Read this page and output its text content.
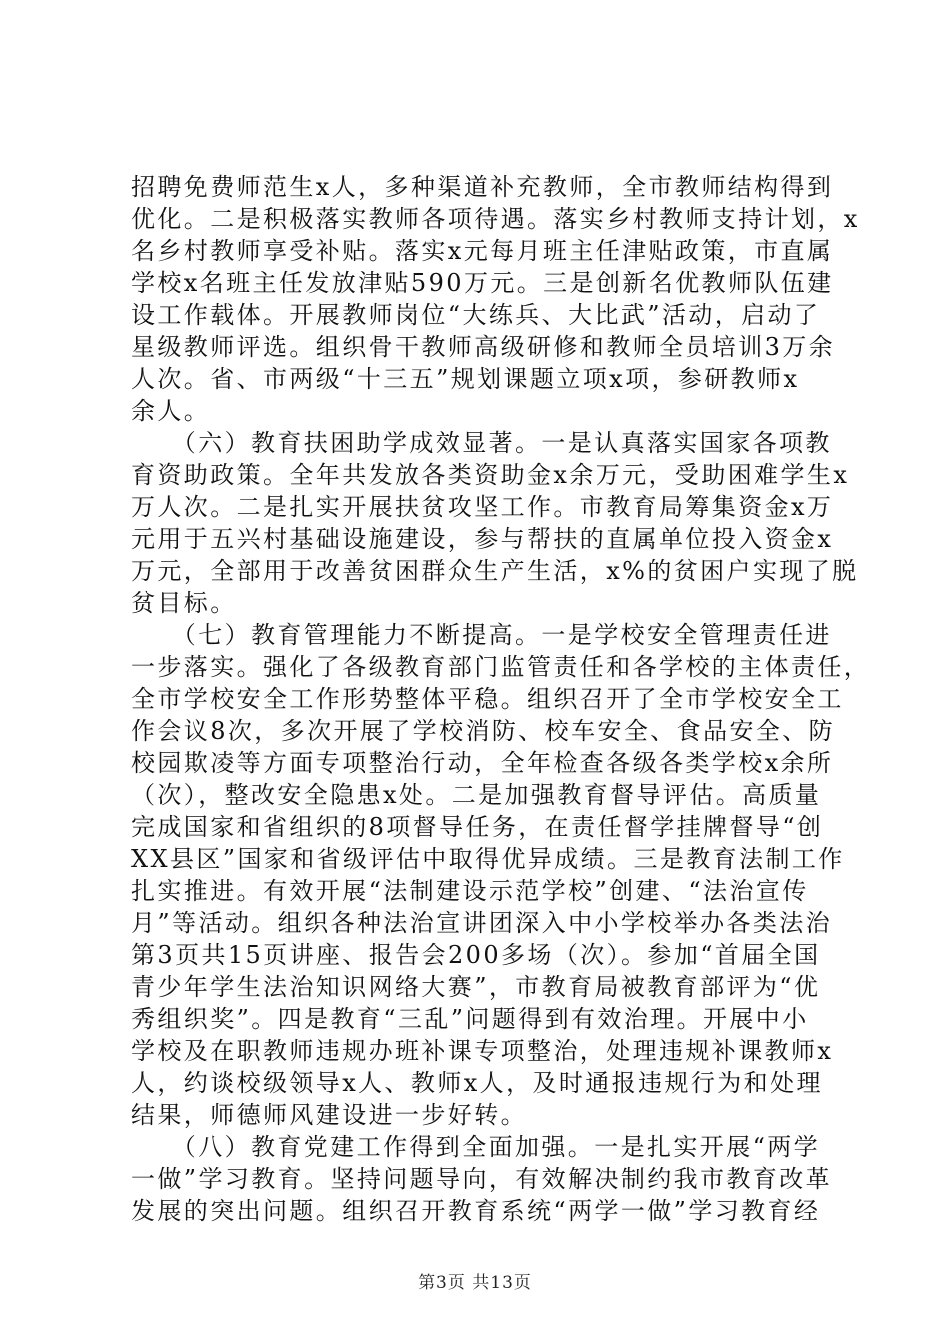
招聘免费师范生x人，多种渠道补充教师，全市教师结构得到
优化。二是积极落实教师各项待遇。落实乡村教师支持计划，x
名乡村教师享受补贴。落实x元每月班主任津贴政策，市直属
学校x名班主任发放津贴590万元。三是创新名优教师队伍建
设工作载体。开展教师岗位“大练兵、大比武”活动，启动了
星级教师评选。组织骨干教师高级研修和教师全员培训3万余
人次。省、市两级“十三五”规划课题立项x项，参研教师x
余人。
　　（六）教育扶困助学成效显著。一是认真落实国家各项教
育资助政策。全年共发放各类资助金x余万元，受助困难学生x
万人次。二是扎实开展扶贫攻坚工作。市教育局筹集资金x万
元用于五兴村基础设施建设，参与帮扶的直属单位投入资金x
万元，全部用于改善贫困群众生产生活，x%的贫困户实现了脱
贫目标。
　　（七）教育管理能力不断提高。一是学校安全管理责任进
一步落实。强化了各级教育部门监管责任和各学校的主体责任，
全市学校安全工作形势整体平稳。组织召开了全市学校安全工
作会议8次，多次开展了学校消防、校车安全、食品安全、防
校园欺凌等方面专项整治行动，全年检查各级各类学校x余所
（次），整改安全隐患x处。二是加强教育督导评估。高质量
完成国家和省组织的8项督导任务，在责任督学挂牌督导“创
XX县区”国家和省级评估中取得优异成绩。三是教育法制工作
扎实推进。有效开展“法制建设示范学校”创建、“法治宣传
月”等活动。组织各种法治宣讲团深入中小学校举办各类法治
第3页共15页讲座、报告会200多场（次）。参加“首届全国
青少年学生法治知识网络大赛”，市教育局被教育部评为“优
秀组织奖”。四是教育“三乱”问题得到有效治理。开展中小
学校及在职教师违规办班补课专项整治，处理违规补课教师x
人，约谈校级领导x人、教师x人，及时通报违规行为和处理
结果，师德师风建设进一步好转。
　　（八）教育党建工作得到全面加强。一是扎实开展“两学
一做”学习教育。坚持问题导向，有效解决制约我市教育改革
发展的突出问题。组织召开教育系统“两学一做”学习教育经
第3页 共13页
